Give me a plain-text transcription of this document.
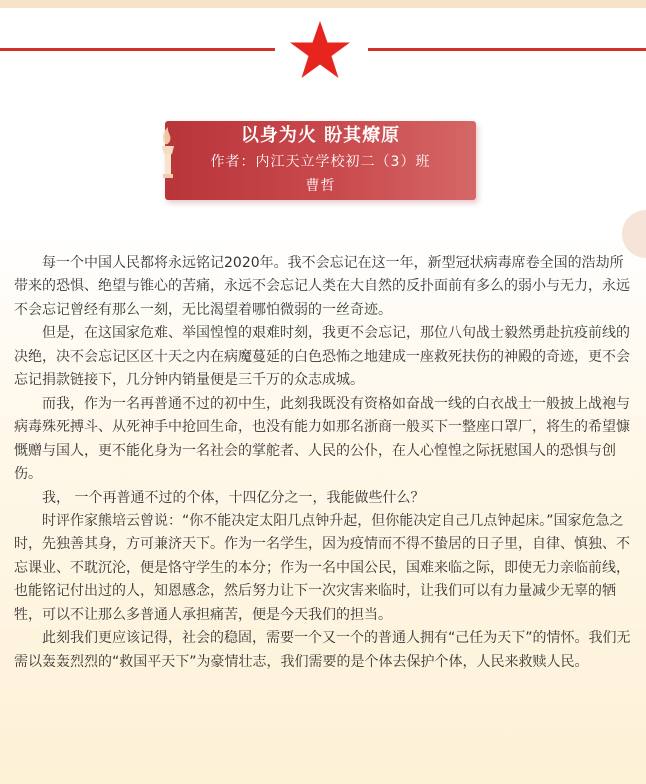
以身为火 盼其燎原
作者：内江天立学校初二（3）班
曹哲

每一个中国人民都将永远铭记2020年。我不会忘记在这一年，新型冠状病毒席卷全国的浩劫所带来的恐惧、绝望与锥心的苦痛，永远不会忘记人类在大自然的反扑面前有多么的弱小与无力，永远不会忘记曾经有那么一刻，无比渴望着哪怕微弱的一丝奇迹。

但是，在这国家危难、举国惶惶的艰难时刻，我更不会忘记，那位八旬战士毅然勇赴抗疫前线的决绝，决不会忘记区区十天之内在病魔蔓延的白色恐怖之地建成一座救死扶伤的神殿的奇迹，更不会忘记捐款链接下，几分钟内销量便是三千万的众志成城。

而我，作为一名再普通不过的初中生，此刻我既没有资格如奋战一线的白衣战士一般披上战袍与病毒殊死搏斗、从死神手中抢回生命，也没有能力如那名浙商一般买下一整座口罩厂，将生的希望慷慨赠与国人，更不能化身为一名社会的掌舵者、人民的公仆，在人心惶惶之际抚慰国人的恐惧与创伤。

我， 一个再普通不过的个体，十四亿分之一，我能做些什么？

时评作家熊培云曾说：“你不能决定太阳几点钟升起，但你能决定自己几点钟起床。”国家危急之时，先独善其身，方可兼济天下。作为一名学生，因为疫情而不得不蛰居的日子里，自律、慎独、不忘课业、不耽沉沦，便是恪守学生的本分；作为一名中国公民，国难来临之际，即使无力亲临前线，也能铭记付出过的人，知恩感念，然后努力让下一次灾害来临时，让我们可以有力量减少无辜的牺牲，可以不让那么多普通人承担痛苦，便是今天我们的担当。

此刻我们更应该记得，社会的稳固，需要一个又一个的普通人拥有“己任为天下”的情怀。我们无需以轰轰烈烈的“救国平天下”为豪情壮志，我们需要的是个体去保护个体，人民来救赎人民。
